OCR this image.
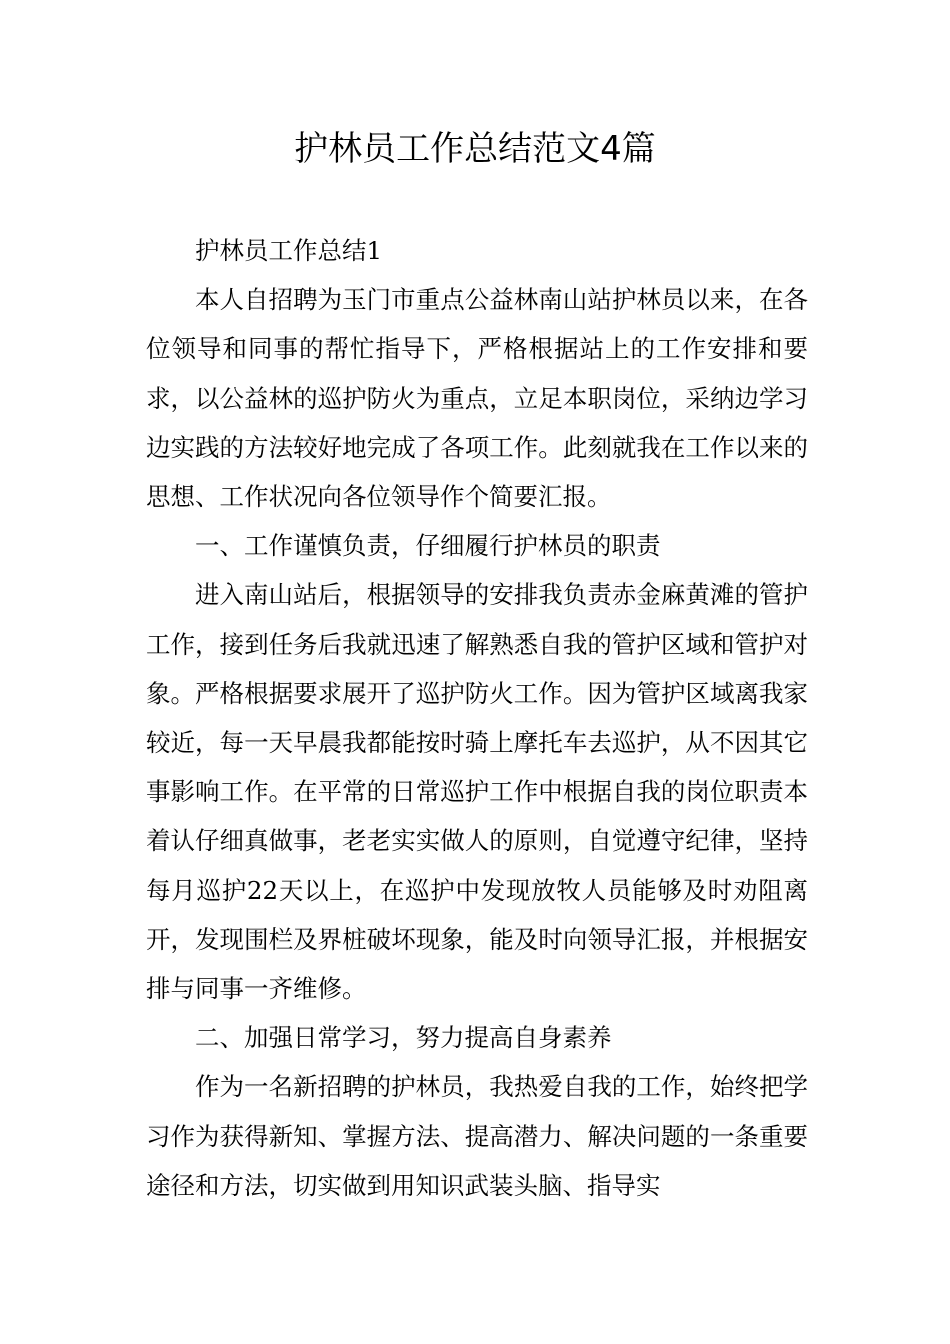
护林员工作总结范文4篇

护林员工作总结1

本人自招聘为玉门市重点公益林南山站护林员以来，在各位领导和同事的帮忙指导下，严格根据站上的工作安排和要求，以公益林的巡护防火为重点，立足本职岗位，采纳边学习边实践的方法较好地完成了各项工作。此刻就我在工作以来的思想、工作状况向各位领导作个简要汇报。

一、工作谨慎负责，仔细履行护林员的职责

进入南山站后，根据领导的安排我负责赤金麻黄滩的管护工作，接到任务后我就迅速了解熟悉自我的管护区域和管护对象。严格根据要求展开了巡护防火工作。因为管护区域离我家较近，每一天早晨我都能按时骑上摩托车去巡护，从不因其它事影响工作。在平常的日常巡护工作中根据自我的岗位职责本着认仔细真做事，老老实实做人的原则，自觉遵守纪律，坚持每月巡护22天以上，在巡护中发现放牧人员能够及时劝阻离开，发现围栏及界桩破坏现象，能及时向领导汇报，并根据安排与同事一齐维修。

二、加强日常学习，努力提高自身素养

作为一名新招聘的护林员，我热爱自我的工作，始终把学习作为获得新知、掌握方法、提高潜力、解决问题的一条重要途径和方法，切实做到用知识武装头脑、指导实
